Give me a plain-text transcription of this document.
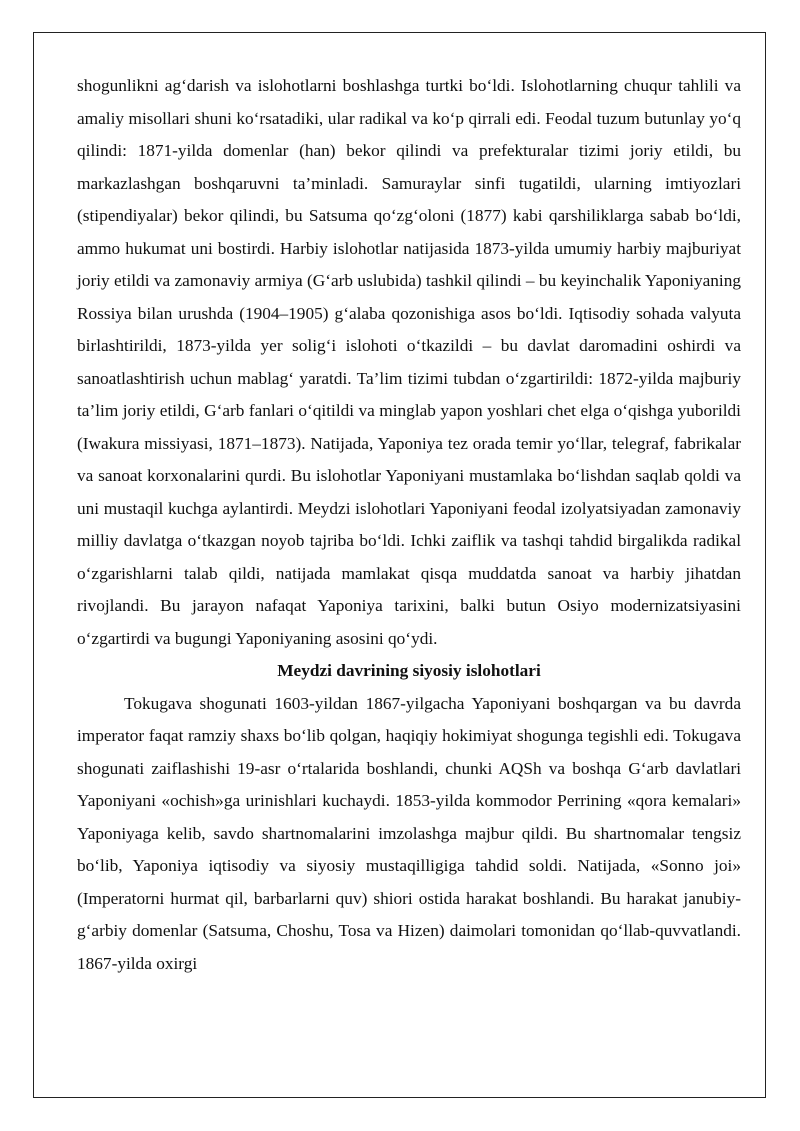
shogunlikni ag‘darish va islohotlarni boshlashga turtki bo‘ldi. Islohotlarning chuqur tahlili va amaliy misollari shuni ko‘rsatadiki, ular radikal va ko‘p qirrali edi. Feodal tuzum butunlay yo‘q qilindi: 1871-yilda domenlar (han) bekor qilindi va prefekturalar tizimi joriy etildi, bu markazlashgan boshqaruvni ta’minladi. Samuraylar sinfi tugatildi, ularning imtiyozlari (stipendiyalar) bekor qilindi, bu Satsuma qo‘zg‘oloni (1877) kabi qarshiliklarga sabab bo‘ldi, ammo hukumat uni bostirdi. Harbiy islohotlar natijasida 1873-yilda umumiy harbiy majburiyat joriy etildi va zamonaviy armiya (G‘arb uslubida) tashkil qilindi – bu keyinchalik Yaponiyaning Rossiya bilan urushda (1904–1905) g‘alaba qozonishiga asos bo‘ldi. Iqtisodiy sohada valyuta birlashtirildi, 1873-yilda yer solig‘i islohoti o‘tkazildi – bu davlat daromadini oshirdi va sanoatlashtirish uchun mablag‘ yaratdi. Ta’lim tizimi tubdan o‘zgartirildi: 1872-yilda majburiy ta’lim joriy etildi, G‘arb fanlari o‘qitildi va minglab yapon yoshlari chet elga o‘qishga yuborildi (Iwakura missiyasi, 1871–1873). Natijada, Yaponiya tez orada temir yo‘llar, telegraf, fabrikalar va sanoat korxonalarini qurdi. Bu islohotlar Yaponiyani mustamlaka bo‘lishdan saqlab qoldi va uni mustaqil kuchga aylantirdi. Meydzi islohotlari Yaponiyani feodal izolyatsiyadan zamonaviy milliy davlatga o‘tkazgan noyob tajriba bo‘ldi. Ichki zaiflik va tashqi tahdid birgalikda radikal o‘zgarishlarni talab qildi, natijada mamlakat qisqa muddatda sanoat va harbiy jihatdan rivojlandi. Bu jarayon nafaqat Yaponiya tarixini, balki butun Osiyo modernizatsiyasini o‘zgartirdi va bugungi Yaponiyaning asosini qo‘ydi.

Meydzi davrining siyosiy islohotlari

Tokugava shogunati 1603-yildan 1867-yilgacha Yaponiyani boshqargan va bu davrda imperator faqat ramziy shaxs bo‘lib qolgan, haqiqiy hokimiyat shogunga tegishli edi. Tokugava shogunati zaiflashishi 19-asr o‘rtalarida boshlandi, chunki AQSh va boshqa G‘arb davlatlari Yaponiyani «ochish»ga urinishlari kuchaydi. 1853-yilda kommodor Perrining «qora kemalari» Yaponiyaga kelib, savdo shartnomalarini imzolashga majbur qildi. Bu shartnomalar tengsiz bo‘lib, Yaponiya iqtisodiy va siyosiy mustaqilligiga tahdid soldi. Natijada, «Sonno joi» (Imperatorni hurmat qil, barbarlarni quv) shiori ostida harakat boshlandi. Bu harakat janubiy-g‘arbiy domenlar (Satsuma, Choshu, Tosa va Hizen) daimolari tomonidan qo‘llab-quvvatlandi. 1867-yilda oxirgi
